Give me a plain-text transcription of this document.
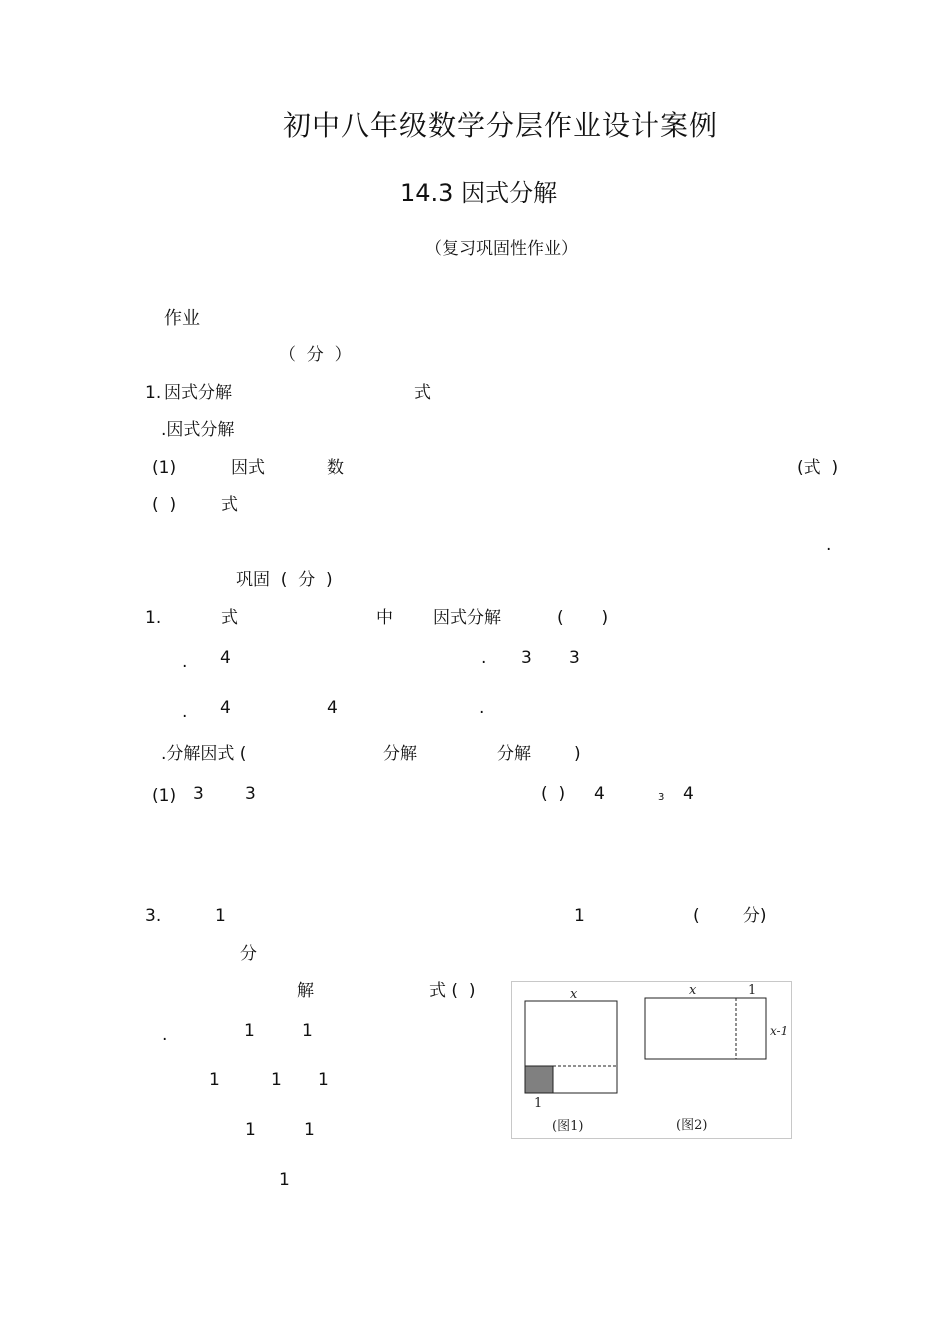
初中八年级数学分层作业设计案例
14.3 因式分解
（复习巩固性作业）
作业
（  分  ）
1. 因式分解	式
.因式分解
(1)	因式	数	(式  )
(  )	式
.
巩固  (  分  )
1.	式	中 因式分解	(       )
. 4	. 3 3
. 4	4	.
.分解因式 (	分解	分解	)
(1) 3 3	(  ) 4	3 4
3.	1	1	(        分)
分
解	式 (  )
.	1	1
1	1 1
1	1
1
x
1
(图1)
x	1
x-1
(图2)
